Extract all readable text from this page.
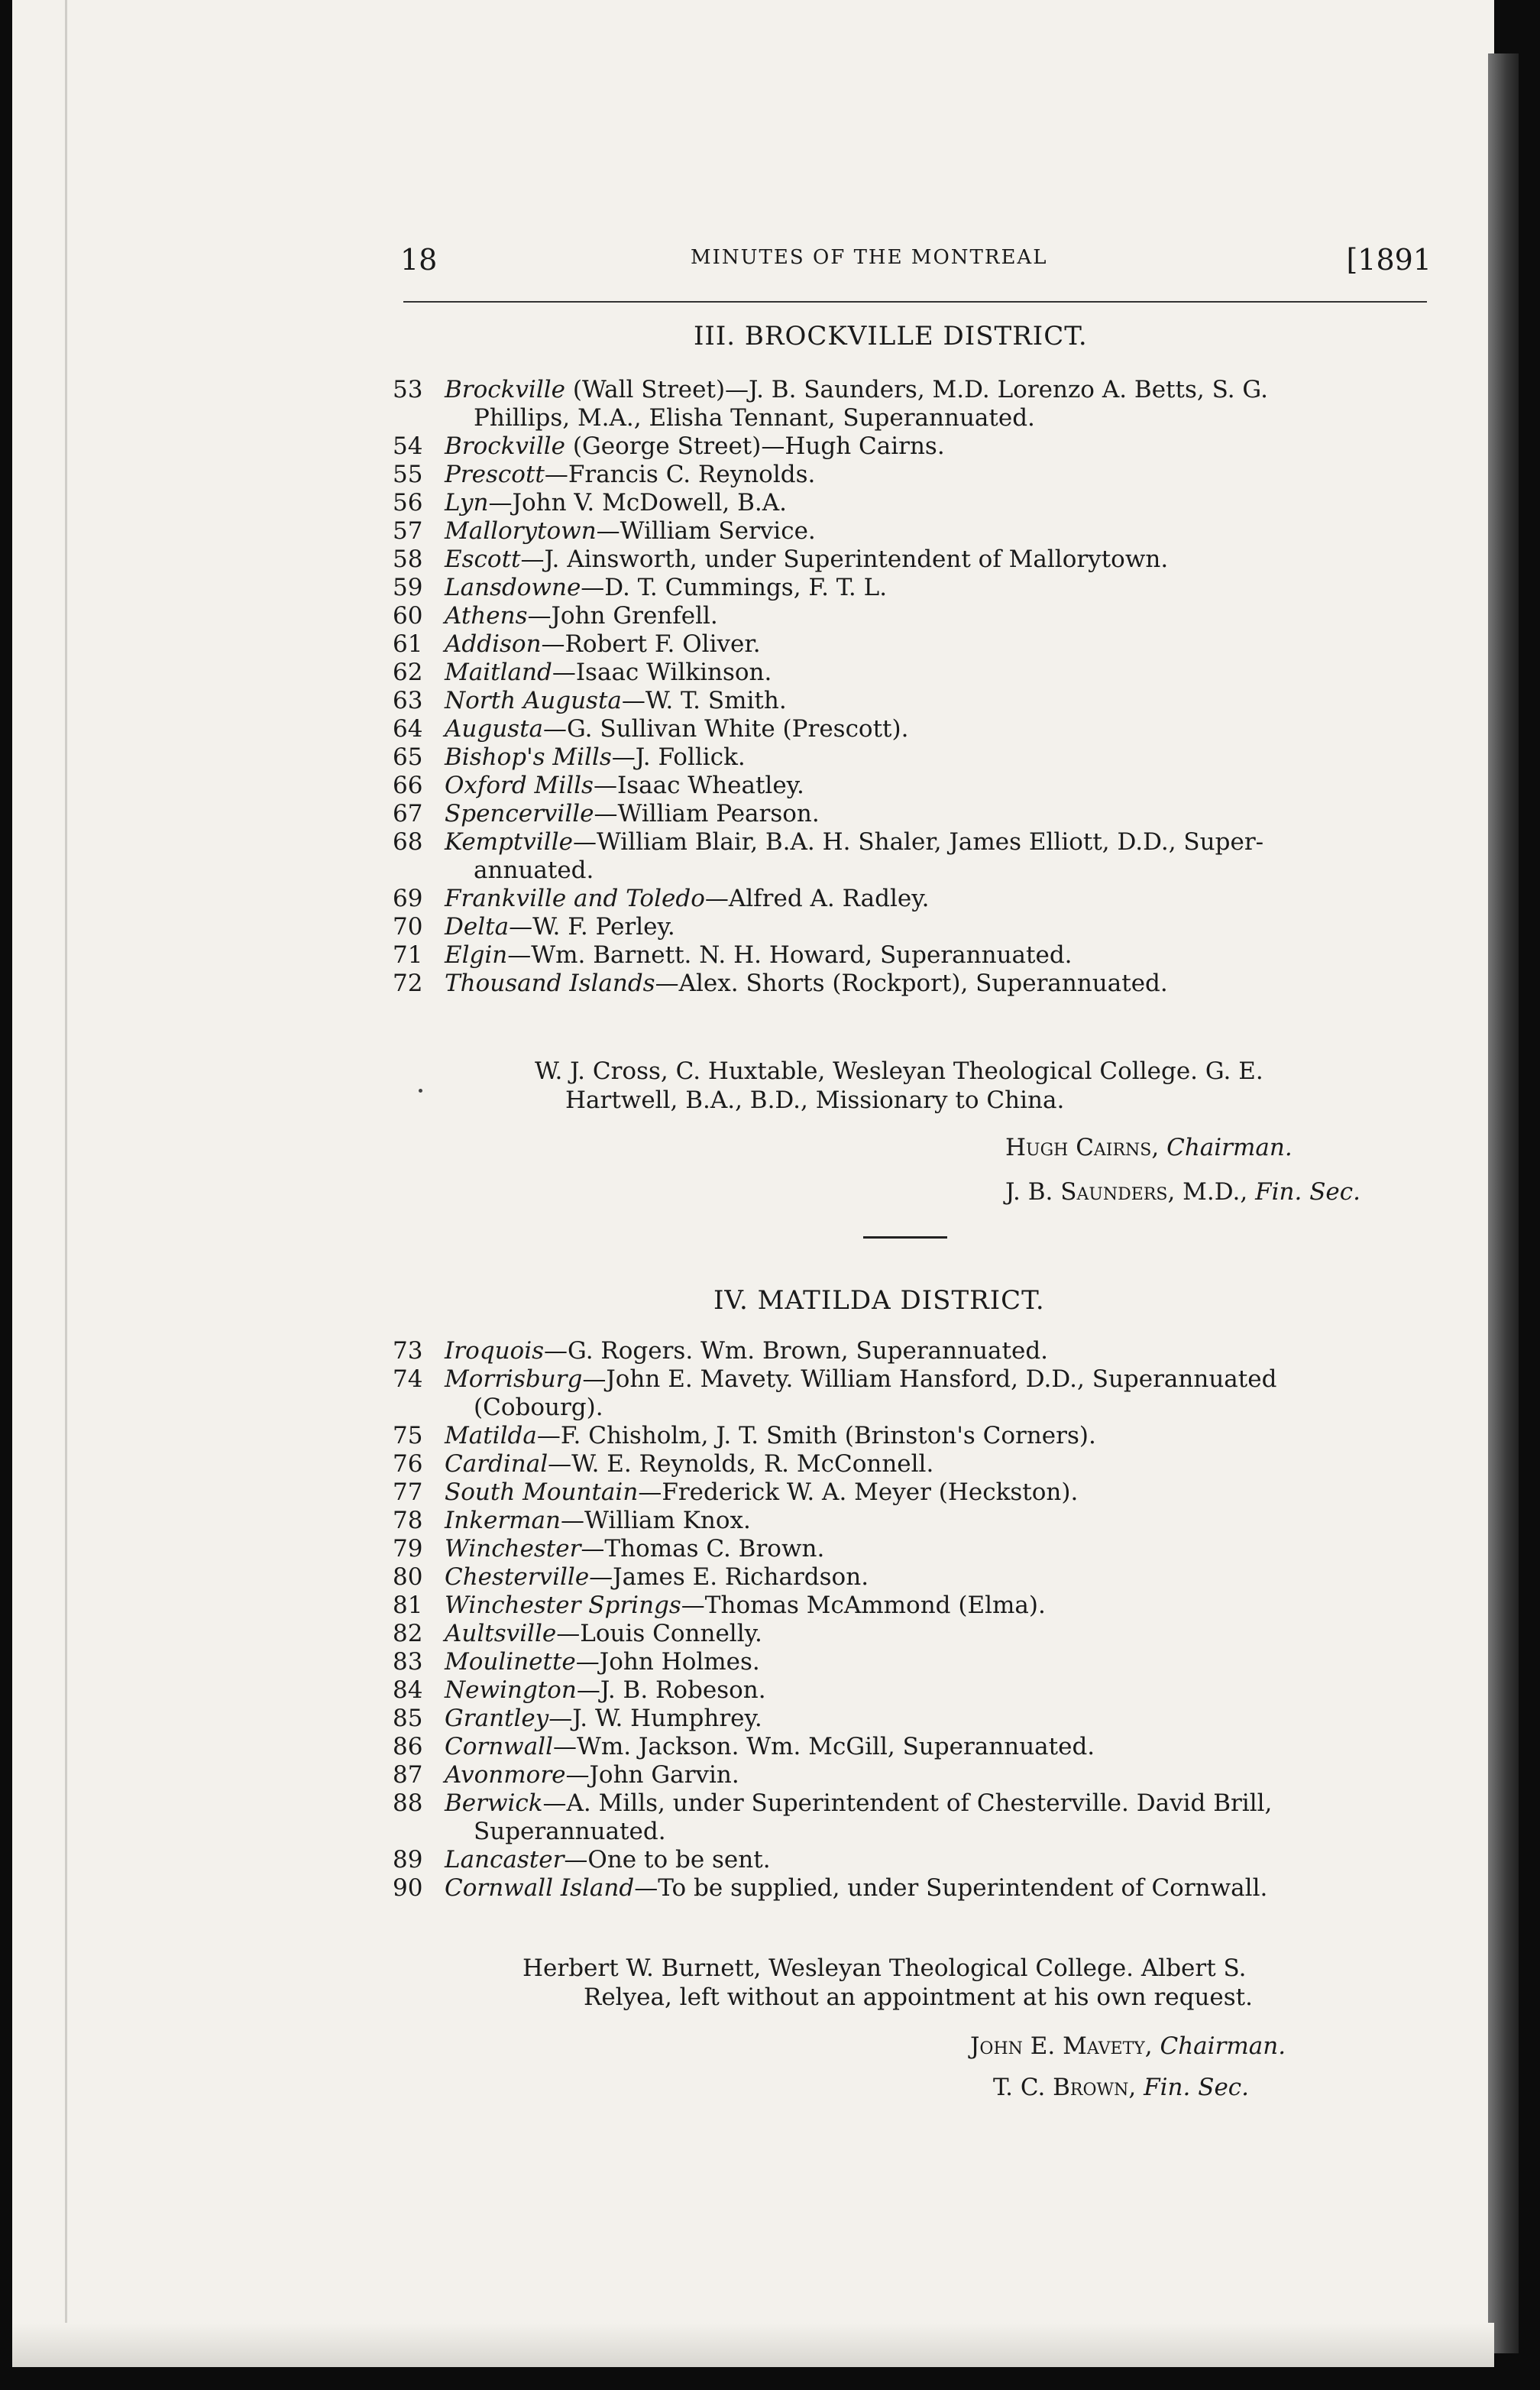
18	MINUTES OF THE MONTREAL	[1891
III. BROCKVILLE DISTRICT.
53 Brockville (Wall Street)—J. B. Saunders, M.D. Lorenzo A. Betts, S. G.
Phillips, M.A., Elisha Tennant, Superannuated.
54 Brockville (George Street)—Hugh Cairns.
55 Prescott—Francis C. Reynolds.
56 Lyn—John V. McDowell, B.A.
57 Mallorytown—William Service.
58 Escott—J. Ainsworth, under Superintendent of Mallorytown.
59 Lansdowne—D. T. Cummings, F. T. L.
60 Athens—John Grenfell.
61 Addison—Robert F. Oliver.
62 Maitland—Isaac Wilkinson.
63 North Augusta—W. T. Smith.
64 Augusta—G. Sullivan White (Prescott).
65 Bishop's Mills—J. Follick.
66 Oxford Mills—Isaac Wheatley.
67 Spencerville—William Pearson.
68 Kemptville—William Blair, B.A. H. Shaler, James Elliott, D.D., Super-
annuated.
69 Frankville and Toledo—Alfred A. Radley.
70 Delta—W. F. Perley.
71 Elgin—Wm. Barnett. N. H. Howard, Superannuated.
72 Thousand Islands—Alex. Shorts (Rockport), Superannuated.
W. J. Cross, C. Huxtable, Wesleyan Theological College. G. E.
Hartwell, B.A., B.D., Missionary to China.
Hugh Cairns, Chairman.
J. B. Saunders, M.D., Fin. Sec.
IV. MATILDA DISTRICT.
73 Iroquois—G. Rogers. Wm. Brown, Superannuated.
74 Morrisburg—John E. Mavety. William Hansford, D.D., Superannuated
(Cobourg).
75 Matilda—F. Chisholm, J. T. Smith (Brinston's Corners).
76 Cardinal—W. E. Reynolds, R. McConnell.
77 South Mountain—Frederick W. A. Meyer (Heckston).
78 Inkerman—William Knox.
79 Winchester—Thomas C. Brown.
80 Chesterville—James E. Richardson.
81 Winchester Springs—Thomas McAmmond (Elma).
82 Aultsville—Louis Connelly.
83 Moulinette—John Holmes.
84 Newington—J. B. Robeson.
85 Grantley—J. W. Humphrey.
86 Cornwall—Wm. Jackson. Wm. McGill, Superannuated.
87 Avonmore—John Garvin.
88 Berwick—A. Mills, under Superintendent of Chesterville. David Brill,
Superannuated.
89 Lancaster—One to be sent.
90 Cornwall Island—To be supplied, under Superintendent of Cornwall.
Herbert W. Burnett, Wesleyan Theological College. Albert S.
Relyea, left without an appointment at his own request.
John E. Mavety, Chairman.
T. C. Brown, Fin. Sec.
